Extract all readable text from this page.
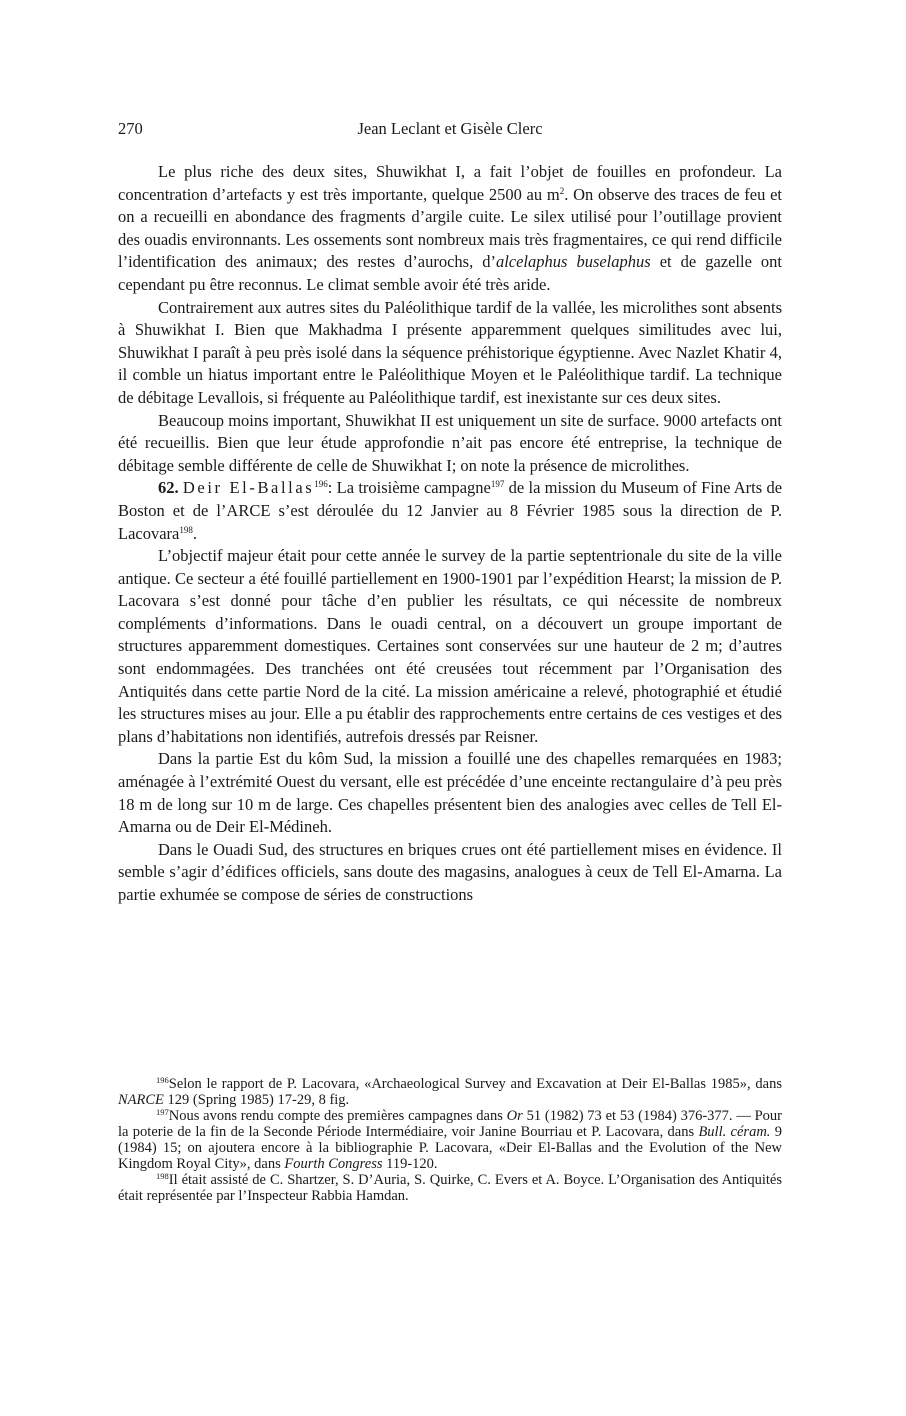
270	Jean Leclant et Gisèle Clerc

Le plus riche des deux sites, Shuwikhat I, a fait l’objet de fouilles en profondeur. La concentration d’artefacts y est très importante, quelque 2500 au $m^2$. On observe des traces de feu et on a recueilli en abondance des fragments d’argile cuite. Le silex utilisé pour l’outillage provient des ouadis environnants. Les ossements sont nombreux mais très fragmentaires, ce qui rend difficile l’identification des animaux; des restes d’aurochs, d’alcelaphus buselaphus et de gazelle ont cependant pu être reconnus. Le climat semble avoir été très aride.

Contrairement aux autres sites du Paléolithique tardif de la vallée, les microlithes sont absents à Shuwikhat I. Bien que Makhadma I présente apparemment quelques similitudes avec lui, Shuwikhat I paraît à peu près isolé dans la séquence préhistorique égyptienne. Avec Nazlet Khatir 4, il comble un hiatus important entre le Paléolithique Moyen et le Paléolithique tardif. La technique de débitage Levallois, si fréquente au Paléolithique tardif, est inexistante sur ces deux sites.

Beaucoup moins important, Shuwikhat II est uniquement un site de surface. 9000 artefacts ont été recueillis. Bien que leur étude approfondie n’ait pas encore été entreprise, la technique de débitage semble différente de celle de Shuwikhat I; on note la présence de microlithes.

62. Deir El-Ballas$^{196}$: La troisième campagne$^{197}$ de la mission du Museum of Fine Arts de Boston et de l’ARCE s’est déroulée du 12 Janvier au 8 Février 1985 sous la direction de P. Lacovara$^{198}$.

L’objectif majeur était pour cette année le survey de la partie septentrionale du site de la ville antique. Ce secteur a été fouillé partiellement en 1900-1901 par l’expédition Hearst; la mission de P. Lacovara s’est donné pour tâche d’en publier les résultats, ce qui nécessite de nombreux compléments d’informations. Dans le ouadi central, on a découvert un groupe important de structures apparemment domestiques. Certaines sont conservées sur une hauteur de 2 m; d’autres sont endommagées. Des tranchées ont été creusées tout récemment par l’Organisation des Antiquités dans cette partie Nord de la cité. La mission américaine a relevé, photographié et étudié les structures mises au jour. Elle a pu établir des rapprochements entre certains de ces vestiges et des plans d’habitations non identifiés, autrefois dressés par Reisner.

Dans la partie Est du kôm Sud, la mission a fouillé une des chapelles remarquées en 1983; aménagée à l’extrémité Ouest du versant, elle est précédée d’une enceinte rectangulaire d’à peu près 18 m de long sur 10 m de large. Ces chapelles présentent bien des analogies avec celles de Tell El-Amarna ou de Deir El-Médineh.

Dans le Ouadi Sud, des structures en briques crues ont été partiellement mises en évidence. Il semble s’agir d’édifices officiels, sans doute des magasins, analogues à ceux de Tell El-Amarna. La partie exhumée se compose de séries de constructions

$^{196}$Selon le rapport de P. Lacovara, «Archaeological Survey and Excavation at Deir El-Ballas 1985», dans NARCE 129 (Spring 1985) 17-29, 8 fig.

$^{197}$Nous avons rendu compte des premières campagnes dans Or 51 (1982) 73 et 53 (1984) 376-377. — Pour la poterie de la fin de la Seconde Période Intermédiaire, voir Janine Bourriau et P. Lacovara, dans Bull. céram. 9 (1984) 15; on ajoutera encore à la bibliographie P. Lacovara, «Deir El-Ballas and the Evolution of the New Kingdom Royal City», dans Fourth Congress 119-120.

$^{198}$Il était assisté de C. Shartzer, S. D’Auria, S. Quirke, C. Evers et A. Boyce. L’Organisation des Antiquités était représentée par l’Inspecteur Rabbia Hamdan.
